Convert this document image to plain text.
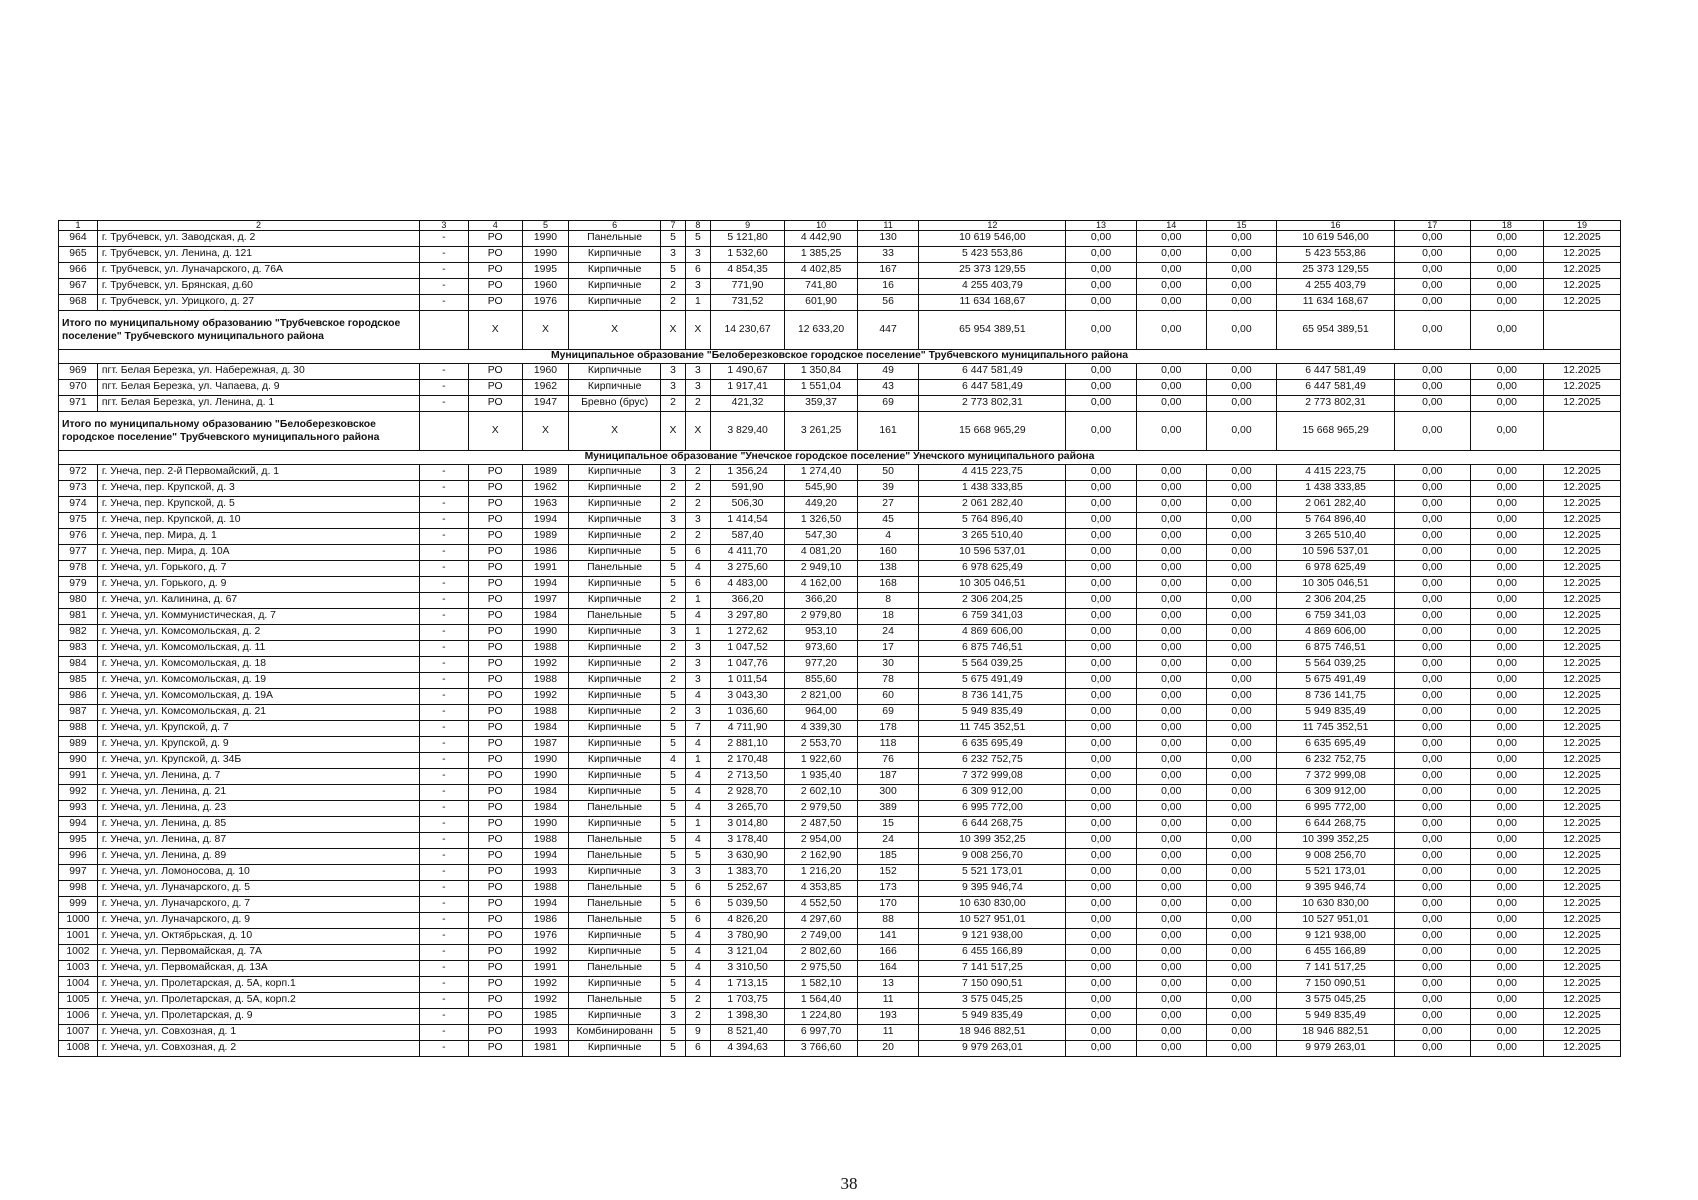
1	2	3	4	5	6	7	8	9	10	11	12	13	14	15	16	17	18	19
964	г. Трубчевск, ул. Заводская, д. 2	-	РО	1990	Панельные	5	5	5 121,80	4 442,90	130	10 619 546,00	0,00	0,00	0,00	10 619 546,00	0,00	0,00	12.2025
965	г. Трубчевск, ул. Ленина, д. 121	-	РО	1990	Кирпичные	3	3	1 532,60	1 385,25	33	5 423 553,86	0,00	0,00	0,00	5 423 553,86	0,00	0,00	12.2025
966	г. Трубчевск, ул. Луначарского, д. 76А	-	РО	1995	Кирпичные	5	6	4 854,35	4 402,85	167	25 373 129,55	0,00	0,00	0,00	25 373 129,55	0,00	0,00	12.2025
967	г. Трубчевск, ул. Брянская, д.60	-	РО	1960	Кирпичные	2	3	771,90	741,80	16	4 255 403,79	0,00	0,00	0,00	4 255 403,79	0,00	0,00	12.2025
968	г. Трубчевск, ул. Урицкого, д. 27	-	РО	1976	Кирпичные	2	1	731,52	601,90	56	11 634 168,67	0,00	0,00	0,00	11 634 168,67	0,00	0,00	12.2025
Итого по муниципальному образованию "Трубчевское городское поселение" Трубчевского муниципального района			X	X	X	X	X	14 230,67	12 633,20	447	65 954 389,51	0,00	0,00	0,00	65 954 389,51	0,00	0,00	
Муниципальное образование "Белоберезковское городское поселение" Трубчевского муниципального района																		
969	пгт. Белая Березка, ул. Набережная, д. 30	-	РО	1960	Кирпичные	3	3	1 490,67	1 350,84	49	6 447 581,49	0,00	0,00	0,00	6 447 581,49	0,00	0,00	12.2025
970	пгт. Белая Березка, ул. Чапаева, д. 9	-	РО	1962	Кирпичные	3	3	1 917,41	1 551,04	43	6 447 581,49	0,00	0,00	0,00	6 447 581,49	0,00	0,00	12.2025
971	пгт. Белая Березка, ул. Ленина, д. 1	-	РО	1947	Бревно (брус)	2	2	421,32	359,37	69	2 773 802,31	0,00	0,00	0,00	2 773 802,31	0,00	0,00	12.2025
Итого по муниципальному образованию "Белоберезковское городское поселение" Трубчевского муниципального района			X	X	X	X	X	3 829,40	3 261,25	161	15 668 965,29	0,00	0,00	0,00	15 668 965,29	0,00	0,00	
Муниципальное образование "Унечское городское поселение" Унечского муниципального района																		
972	г. Унеча, пер. 2-й Первомайский, д. 1	-	РО	1989	Кирпичные	3	2	1 356,24	1 274,40	50	4 415 223,75	0,00	0,00	0,00	4 415 223,75	0,00	0,00	12.2025
973	г. Унеча, пер. Крупской, д. 3	-	РО	1962	Кирпичные	2	2	591,90	545,90	39	1 438 333,85	0,00	0,00	0,00	1 438 333,85	0,00	0,00	12.2025
974	г. Унеча, пер. Крупской, д. 5	-	РО	1963	Кирпичные	2	2	506,30	449,20	27	2 061 282,40	0,00	0,00	0,00	2 061 282,40	0,00	0,00	12.2025
975	г. Унеча, пер. Крупской, д. 10	-	РО	1994	Кирпичные	3	3	1 414,54	1 326,50	45	5 764 896,40	0,00	0,00	0,00	5 764 896,40	0,00	0,00	12.2025
976	г. Унеча, пер. Мира, д. 1	-	РО	1989	Кирпичные	2	2	587,40	547,30	4	3 265 510,40	0,00	0,00	0,00	3 265 510,40	0,00	0,00	12.2025
977	г. Унеча, пер. Мира, д. 10А	-	РО	1986	Кирпичные	5	6	4 411,70	4 081,20	160	10 596 537,01	0,00	0,00	0,00	10 596 537,01	0,00	0,00	12.2025
978	г. Унеча, ул. Горького, д. 7	-	РО	1991	Панельные	5	4	3 275,60	2 949,10	138	6 978 625,49	0,00	0,00	0,00	6 978 625,49	0,00	0,00	12.2025
979	г. Унеча, ул. Горького, д. 9	-	РО	1994	Кирпичные	5	6	4 483,00	4 162,00	168	10 305 046,51	0,00	0,00	0,00	10 305 046,51	0,00	0,00	12.2025
980	г. Унеча, ул. Калинина, д. 67	-	РО	1997	Кирпичные	2	1	366,20	366,20	8	2 306 204,25	0,00	0,00	0,00	2 306 204,25	0,00	0,00	12.2025
981	г. Унеча, ул. Коммунистическая, д. 7	-	РО	1984	Панельные	5	4	3 297,80	2 979,80	18	6 759 341,03	0,00	0,00	0,00	6 759 341,03	0,00	0,00	12.2025
982	г. Унеча, ул. Комсомольская, д. 2	-	РО	1990	Кирпичные	3	1	1 272,62	953,10	24	4 869 606,00	0,00	0,00	0,00	4 869 606,00	0,00	0,00	12.2025
983	г. Унеча, ул. Комсомольская, д. 11	-	РО	1988	Кирпичные	2	3	1 047,52	973,60	17	6 875 746,51	0,00	0,00	0,00	6 875 746,51	0,00	0,00	12.2025
984	г. Унеча, ул. Комсомольская, д. 18	-	РО	1992	Кирпичные	2	3	1 047,76	977,20	30	5 564 039,25	0,00	0,00	0,00	5 564 039,25	0,00	0,00	12.2025
985	г. Унеча, ул. Комсомольская, д. 19	-	РО	1988	Кирпичные	2	3	1 011,54	855,60	78	5 675 491,49	0,00	0,00	0,00	5 675 491,49	0,00	0,00	12.2025
986	г. Унеча, ул. Комсомольская, д. 19А	-	РО	1992	Кирпичные	5	4	3 043,30	2 821,00	60	8 736 141,75	0,00	0,00	0,00	8 736 141,75	0,00	0,00	12.2025
987	г. Унеча, ул. Комсомольская, д. 21	-	РО	1988	Кирпичные	2	3	1 036,60	964,00	69	5 949 835,49	0,00	0,00	0,00	5 949 835,49	0,00	0,00	12.2025
988	г. Унеча, ул. Крупской, д. 7	-	РО	1984	Кирпичные	5	7	4 711,90	4 339,30	178	11 745 352,51	0,00	0,00	0,00	11 745 352,51	0,00	0,00	12.2025
989	г. Унеча, ул. Крупской, д. 9	-	РО	1987	Кирпичные	5	4	2 881,10	2 553,70	118	6 635 695,49	0,00	0,00	0,00	6 635 695,49	0,00	0,00	12.2025
990	г. Унеча, ул. Крупской, д. 34Б	-	РО	1990	Кирпичные	4	1	2 170,48	1 922,60	76	6 232 752,75	0,00	0,00	0,00	6 232 752,75	0,00	0,00	12.2025
991	г. Унеча, ул. Ленина, д. 7	-	РО	1990	Кирпичные	5	4	2 713,50	1 935,40	187	7 372 999,08	0,00	0,00	0,00	7 372 999,08	0,00	0,00	12.2025
992	г. Унеча, ул. Ленина, д. 21	-	РО	1984	Кирпичные	5	4	2 928,70	2 602,10	300	6 309 912,00	0,00	0,00	0,00	6 309 912,00	0,00	0,00	12.2025
993	г. Унеча, ул. Ленина, д. 23	-	РО	1984	Панельные	5	4	3 265,70	2 979,50	389	6 995 772,00	0,00	0,00	0,00	6 995 772,00	0,00	0,00	12.2025
994	г. Унеча, ул. Ленина, д. 85	-	РО	1990	Кирпичные	5	1	3 014,80	2 487,50	15	6 644 268,75	0,00	0,00	0,00	6 644 268,75	0,00	0,00	12.2025
995	г. Унеча, ул. Ленина, д. 87	-	РО	1988	Панельные	5	4	3 178,40	2 954,00	24	10 399 352,25	0,00	0,00	0,00	10 399 352,25	0,00	0,00	12.2025
996	г. Унеча, ул. Ленина, д. 89	-	РО	1994	Панельные	5	5	3 630,90	2 162,90	185	9 008 256,70	0,00	0,00	0,00	9 008 256,70	0,00	0,00	12.2025
997	г. Унеча, ул. Ломоносова, д. 10	-	РО	1993	Кирпичные	3	3	1 383,70	1 216,20	152	5 521 173,01	0,00	0,00	0,00	5 521 173,01	0,00	0,00	12.2025
998	г. Унеча, ул. Луначарского, д. 5	-	РО	1988	Панельные	5	6	5 252,67	4 353,85	173	9 395 946,74	0,00	0,00	0,00	9 395 946,74	0,00	0,00	12.2025
999	г. Унеча, ул. Луначарского, д. 7	-	РО	1994	Панельные	5	6	5 039,50	4 552,50	170	10 630 830,00	0,00	0,00	0,00	10 630 830,00	0,00	0,00	12.2025
1000	г. Унеча, ул. Луначарского, д. 9	-	РО	1986	Панельные	5	6	4 826,20	4 297,60	88	10 527 951,01	0,00	0,00	0,00	10 527 951,01	0,00	0,00	12.2025
1001	г. Унеча, ул. Октябрьская, д. 10	-	РО	1976	Кирпичные	5	4	3 780,90	2 749,00	141	9 121 938,00	0,00	0,00	0,00	9 121 938,00	0,00	0,00	12.2025
1002	г. Унеча, ул. Первомайская, д. 7А	-	РО	1992	Кирпичные	5	4	3 121,04	2 802,60	166	6 455 166,89	0,00	0,00	0,00	6 455 166,89	0,00	0,00	12.2025
1003	г. Унеча, ул. Первомайская, д. 13А	-	РО	1991	Панельные	5	4	3 310,50	2 975,50	164	7 141 517,25	0,00	0,00	0,00	7 141 517,25	0,00	0,00	12.2025
1004	г. Унеча, ул. Пролетарская, д. 5А, корп.1	-	РО	1992	Кирпичные	5	4	1 713,15	1 582,10	13	7 150 090,51	0,00	0,00	0,00	7 150 090,51	0,00	0,00	12.2025
1005	г. Унеча, ул. Пролетарская, д. 5А, корп.2	-	РО	1992	Панельные	5	2	1 703,75	1 564,40	11	3 575 045,25	0,00	0,00	0,00	3 575 045,25	0,00	0,00	12.2025
1006	г. Унеча, ул. Пролетарская, д. 9	-	РО	1985	Кирпичные	3	2	1 398,30	1 224,80	193	5 949 835,49	0,00	0,00	0,00	5 949 835,49	0,00	0,00	12.2025
1007	г. Унеча, ул. Совхозная, д. 1	-	РО	1993	Комбинированн	5	9	8 521,40	6 997,70	11	18 946 882,51	0,00	0,00	0,00	18 946 882,51	0,00	0,00	12.2025
1008	г. Унеча, ул. Совхозная, д. 2	-	РО	1981	Кирпичные	5	6	4 394,63	3 766,60	20	9 979 263,01	0,00	0,00	0,00	9 979 263,01	0,00	0,00	12.2025
38
